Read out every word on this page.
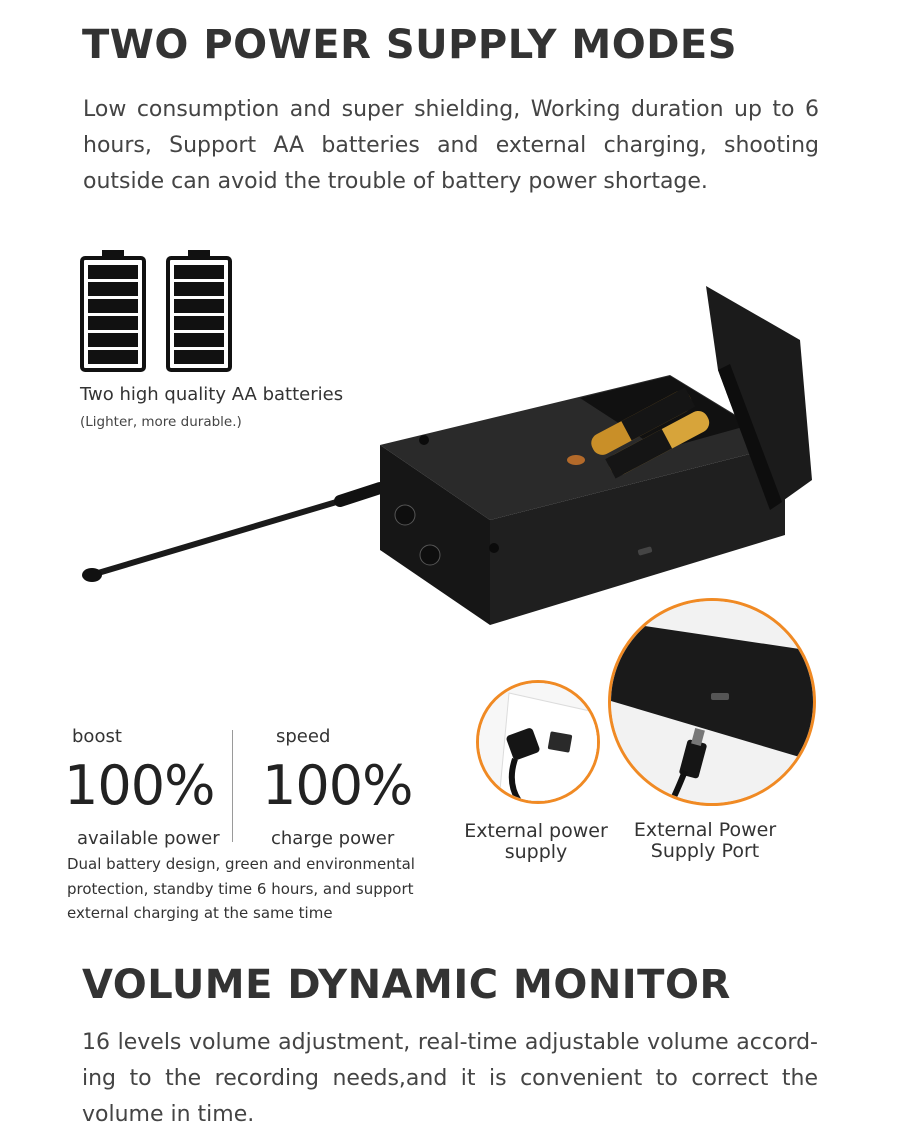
TWO POWER SUPPLY MODES

Low consumption and super shielding, Working duration up to 6 hours, Support AA batteries and external charging, shooting outside can avoid the trouble of battery power shortage.

Two high quality AA batteries
(Lighter, more durable.)
boost
100%
available power
speed
100%
charge power
Dual battery design, green and environmental
protection, standby time 6 hours, and support
external charging at the same time
External power
supply
External Power
Supply Port
VOLUME DYNAMIC MONITOR
16 levels volume adjustment, real-time adjustable volume accord-
ing to the recording needs,and it is convenient to correct the
volume in time.
